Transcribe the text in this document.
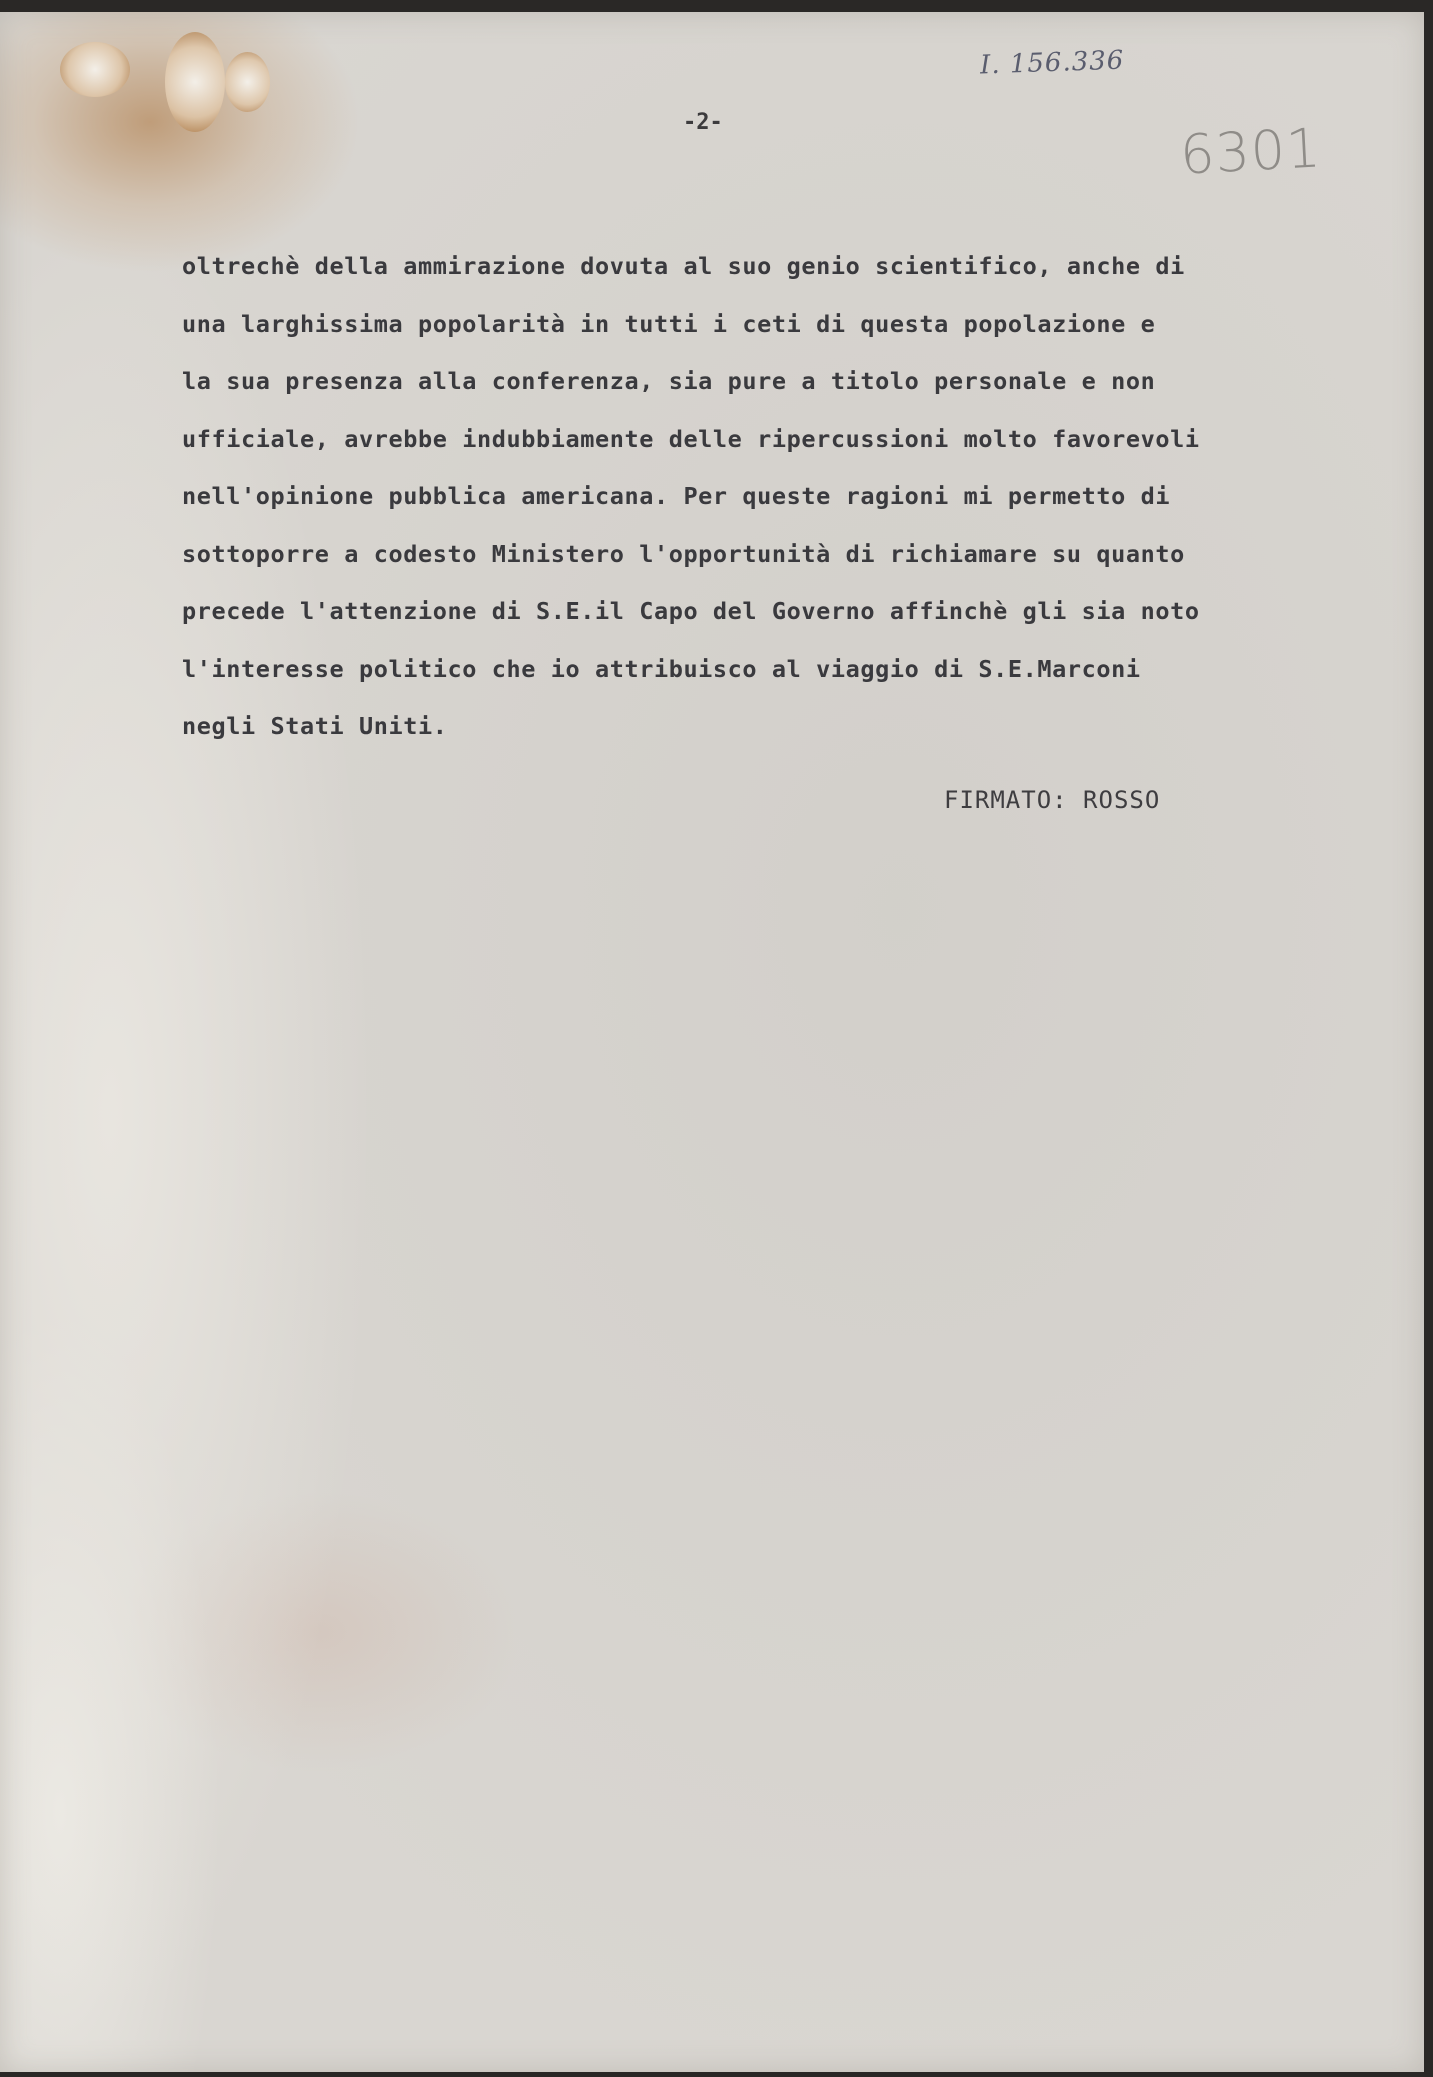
I. 156.336
6301
-2-
oltrechè della ammirazione dovuta al suo genio scientifico, anche di
una larghissima popolarità in tutti i ceti di questa popolazione e
la sua presenza alla conferenza, sia pure a titolo personale e non
ufficiale, avrebbe indubbiamente delle ripercussioni molto favorevoli
nell'opinione pubblica americana. Per queste ragioni mi permetto di
sottoporre a codesto Ministero l'opportunità di richiamare su quanto
precede l'attenzione di S.E.il Capo del Governo affinchè gli sia noto
l'interesse politico che io attribuisco al viaggio di S.E.Marconi
negli Stati Uniti.
FIRMATO: ROSSO
